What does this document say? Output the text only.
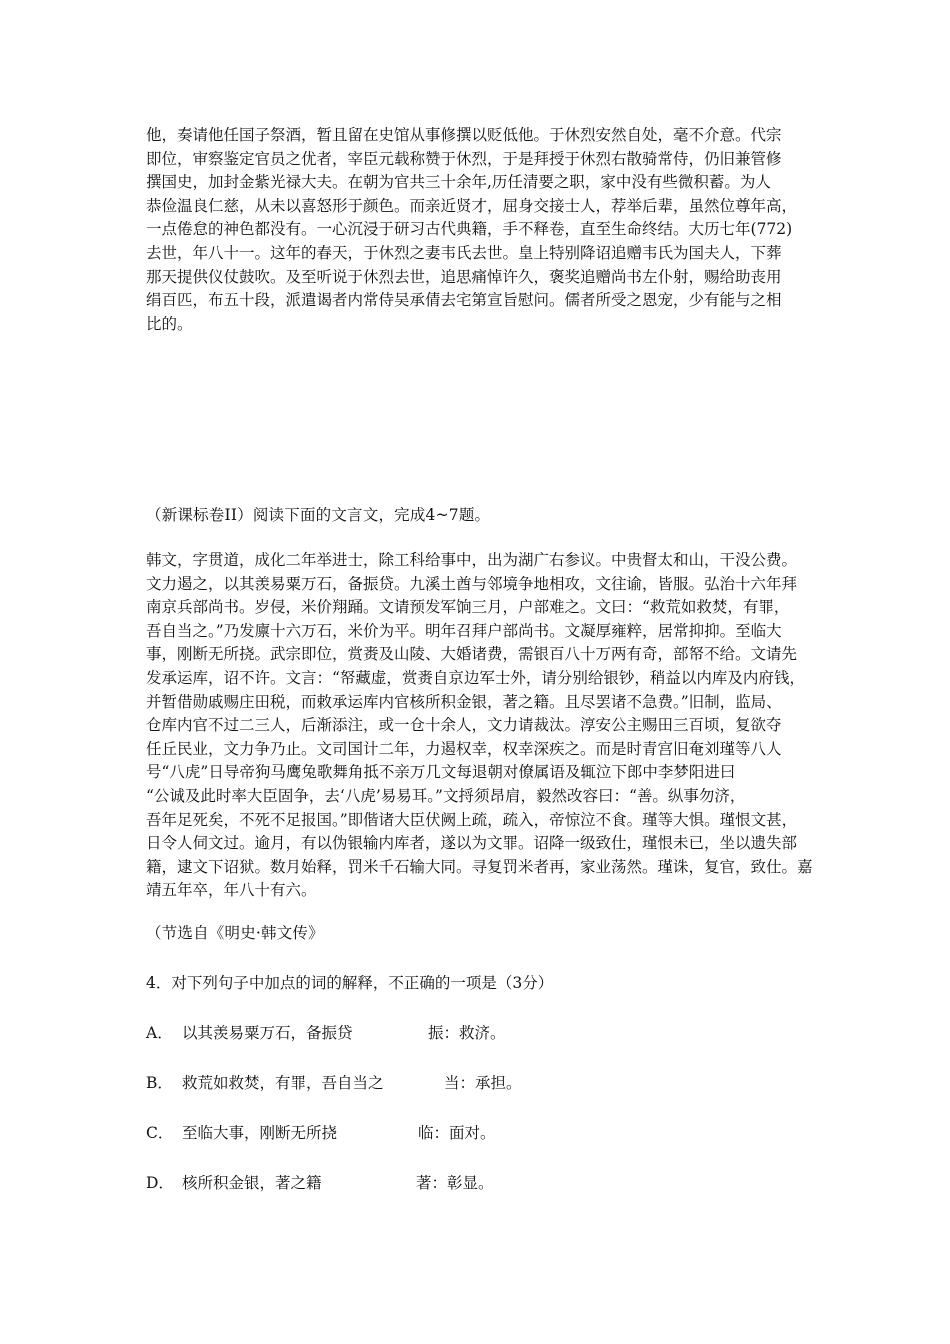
他，奏请他任国子祭酒，暂且留在史馆从事修撰以贬低他。于休烈安然自处，毫不介意。代宗
即位，审察鉴定官员之优者，宰臣元载称赞于休烈，于是拜授于休烈右散骑常侍，仍旧兼管修
撰国史，加封金紫光禄大夫。在朝为官共三十余年,历任清要之职，家中没有些微积蓄。为人
恭俭温良仁慈，从未以喜怒形于颜色。而亲近贤才，屈身交接士人，荐举后辈，虽然位尊年高，
一点倦怠的神色都没有。一心沉浸于研习古代典籍，手不释卷，直至生命终结。大历七年(772)
去世，年八十一。这年的春天，于休烈之妻韦氏去世。皇上特别降诏追赠韦氏为国夫人，下葬
那天提供仪仗鼓吹。及至听说于休烈去世，追思痛悼许久，褒奖追赠尚书左仆射，赐给助丧用
绢百匹，布五十段，派遣谒者内常侍吴承倩去宅第宣旨慰问。儒者所受之恩宠，少有能与之相
比的。
（新课标卷II）阅读下面的文言文，完成4~7题。
韩文，字贯道，成化二年举进士，除工科给事中，出为湖广右参议。中贵督太和山，干没公费。
文力遏之，以其羡易粟万石，备振贷。九溪土酋与邻境争地相攻，文往谕，皆服。弘治十六年拜
南京兵部尚书。岁侵，米价翔踊。文请预发军饷三月，户部难之。文曰：“救荒如救焚，有罪，
吾自当之。”乃发廪十六万石，米价为平。明年召拜户部尚书。文凝厚雍粹，居常抑抑。至临大
事，刚断无所挠。武宗即位，赏赉及山陵、大婚诸费，需银百八十万两有奇，部帑不给。文请先
发承运库，诏不许。文言：“帑藏虚，赏赉自京边军士外，请分别给银钞，稍益以内库及内府钱，
并暂借勋戚赐庄田税，而敕承运库内官核所积金银，著之籍。且尽罢诸不急费。”旧制，监局、
仓库内官不过二三人，后渐添注，或一仓十余人，文力请裁汰。淳安公主赐田三百顷，复欲夺
任丘民业，文力争乃止。文司国计二年，力遏权幸，权幸深疾之。而是时青宫旧奄刘瑾等八人
号“八虎”日导帝狗马鹰兔歌舞角抵不亲万几文每退朝对僚属语及辄泣下郎中李梦阳进曰
“公诚及此时率大臣固争，去‘八虎’易易耳。”文捋须昂肩，毅然改容曰：“善。纵事勿济，
吾年足死矣，不死不足报国。”即偕诸大臣伏阙上疏，疏入，帝惊泣不食。瑾等大惧。瑾恨文甚，
日令人伺文过。逾月，有以伪银输内库者，遂以为文罪。诏降一级致仕，瑾恨未已，坐以遗失部
籍，逮文下诏狱。数月始释，罚米千石输大同。寻复罚米者再，家业荡然。瑾诛，复官，致仕。嘉
靖五年卒，年八十有六。
（节选自《明史·韩文传》
4．对下列句子中加点的词的解释，不正确的一项是（3分）
A． 以其羡易粟万石，备振贷	振：救济。
B． 救荒如救焚，有罪，吾自当之	当：承担。
C． 至临大事，刚断无所挠	临：面对。
D． 核所积金银，著之籍	著：彰显。
